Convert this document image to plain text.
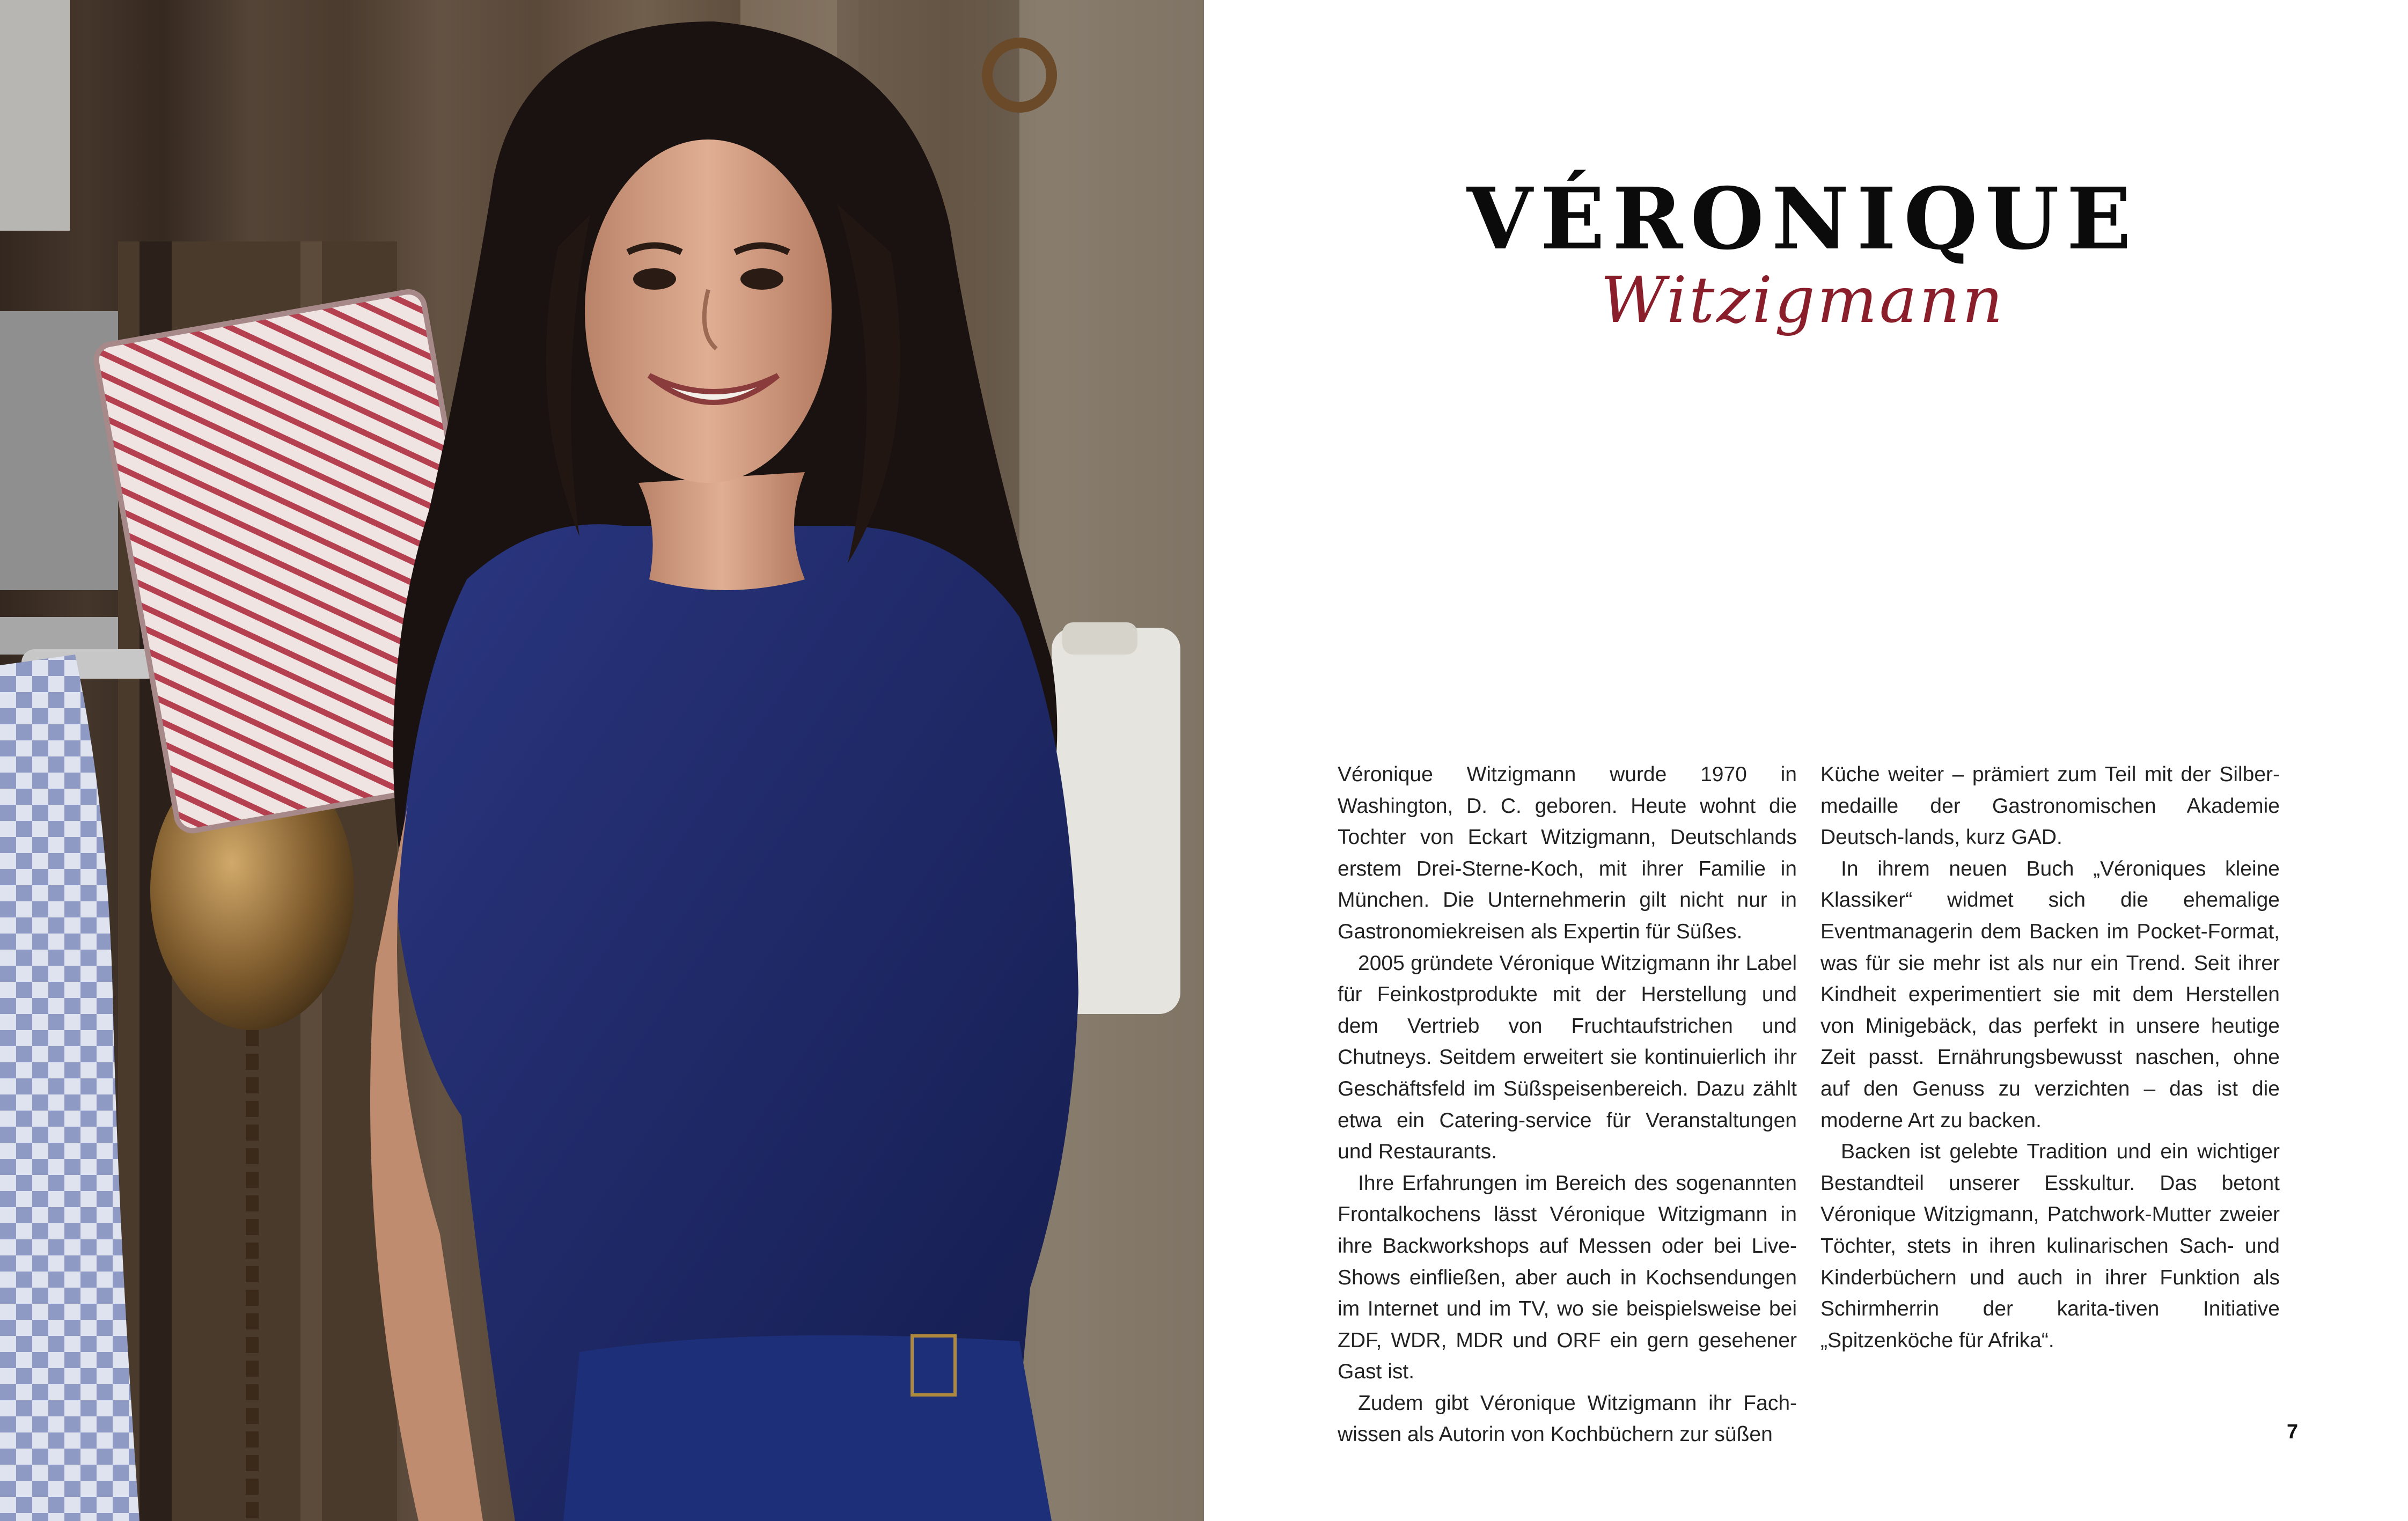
VÉRONIQUE
Witzigmann

Véronique Witzigmann wurde 1970 in Washington, D. C. geboren. Heute wohnt die Tochter von Eckart Witzigmann, Deutschlands erstem Drei-Sterne-Koch, mit ihrer Familie in München. Die Unternehmerin gilt nicht nur in Gastronomiekreisen als Expertin für Süßes.

2005 gründete Véronique Witzigmann ihr Label für Feinkostprodukte mit der Herstellung und dem Vertrieb von Fruchtaufstrichen und Chutneys. Seitdem erweitert sie kontinuierlich ihr Geschäftsfeld im Süßspeisenbereich. Dazu zählt etwa ein Catering-service für Veranstaltungen und Restaurants.

Ihre Erfahrungen im Bereich des sogenannten Frontalkochens lässt Véronique Witzigmann in ihre Backworkshops auf Messen oder bei Live-Shows einfließen, aber auch in Kochsendungen im Internet und im TV, wo sie beispielsweise bei ZDF, WDR, MDR und ORF ein gern gesehener Gast ist.

Zudem gibt Véronique Witzigmann ihr Fach-wissen als Autorin von Kochbüchern zur süßen

Küche weiter – prämiert zum Teil mit der Silber-medaille der Gastronomischen Akademie Deutsch-lands, kurz GAD.

In ihrem neuen Buch „Véroniques kleine Klassiker“ widmet sich die ehemalige Eventmanagerin dem Backen im Pocket-Format, was für sie mehr ist als nur ein Trend. Seit ihrer Kindheit experimentiert sie mit dem Herstellen von Minigebäck, das perfekt in unsere heutige Zeit passt. Ernährungsbewusst naschen, ohne auf den Genuss zu verzichten – das ist die moderne Art zu backen.

Backen ist gelebte Tradition und ein wichtiger Bestandteil unserer Esskultur. Das betont Véronique Witzigmann, Patchwork-Mutter zweier Töchter, stets in ihren kulinarischen Sach- und Kinderbüchern und auch in ihrer Funktion als Schirmherrin der karita-tiven Initiative „Spitzenköche für Afrika“.

7
